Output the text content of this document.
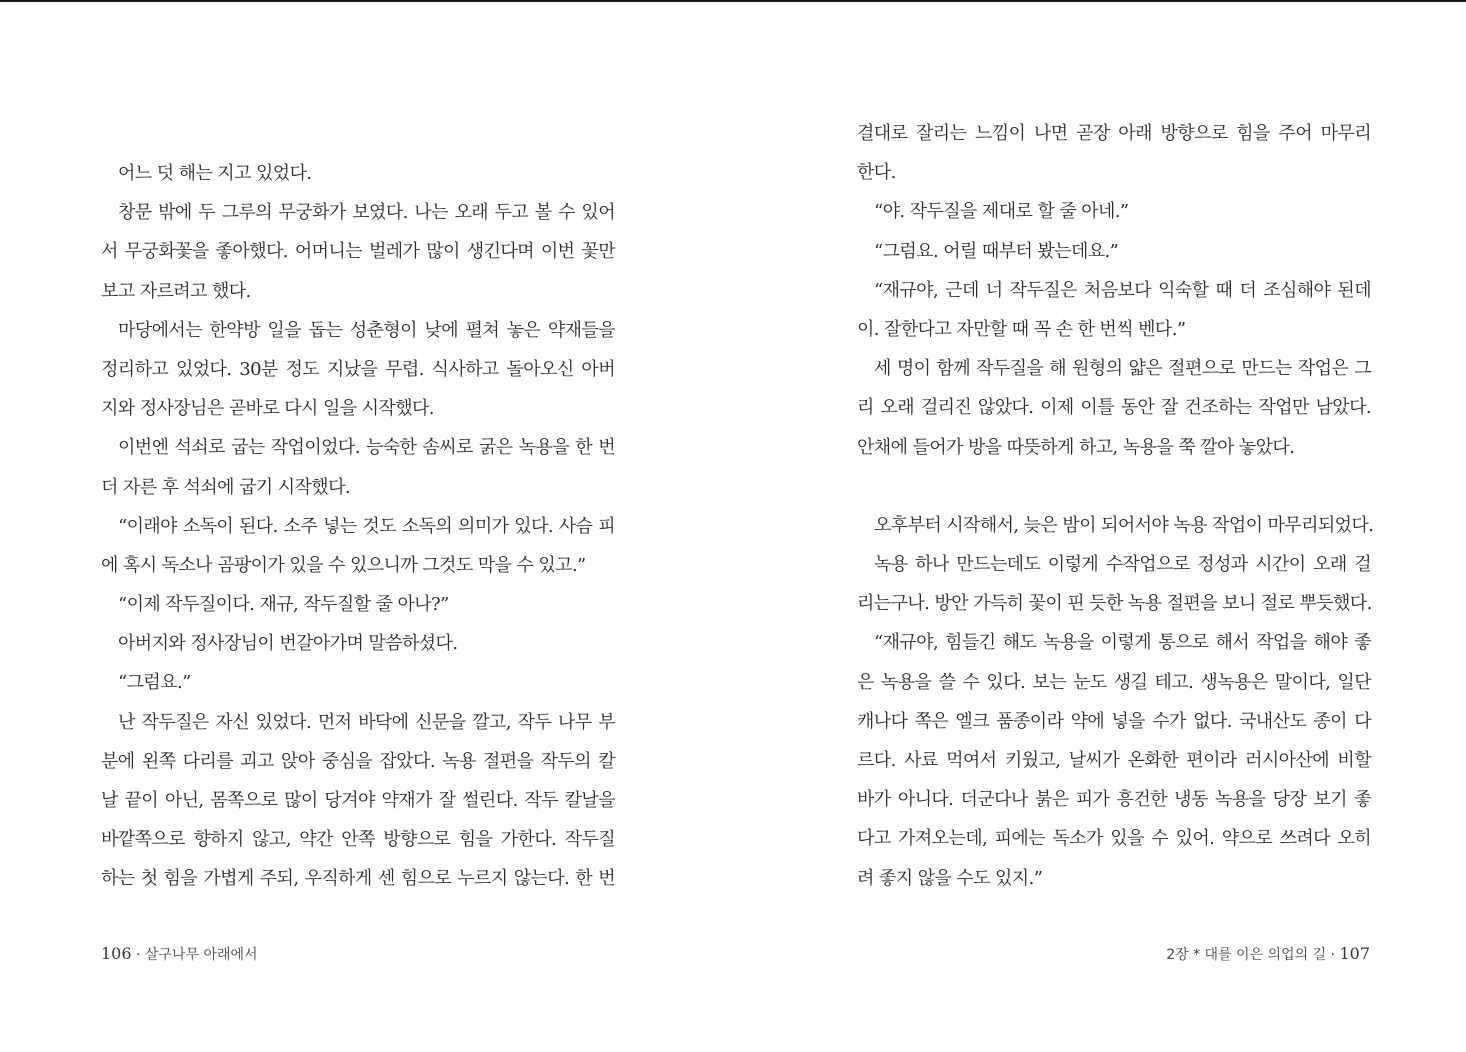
어느 덧 해는 지고 있었다.
창문 밖에 두 그루의 무궁화가 보였다. 나는 오래 두고 볼 수 있어
서 무궁화꽃을 좋아했다. 어머니는 벌레가 많이 생긴다며 이번 꽃만
보고 자르려고 했다.
마당에서는 한약방 일을 돕는 성춘형이 낮에 펼쳐 놓은 약재들을
정리하고 있었다. 30분 정도 지났을 무렵. 식사하고 돌아오신 아버
지와 정사장님은 곧바로 다시 일을 시작했다.
이번엔 석쇠로 굽는 작업이었다. 능숙한 솜씨로 굵은 녹용을 한 번
더 자른 후 석쇠에 굽기 시작했다.
“이래야 소독이 된다. 소주 넣는 것도 소독의 의미가 있다. 사슴 피
에 혹시 독소나 곰팡이가 있을 수 있으니까 그것도 막을 수 있고.”
“이제 작두질이다. 재규, 작두질할 줄 아나?”
아버지와 정사장님이 번갈아가며 말씀하셨다.
“그럼요.”
난 작두질은 자신 있었다. 먼저 바닥에 신문을 깔고, 작두 나무 부
분에 왼쪽 다리를 괴고 앉아 중심을 잡았다. 녹용 절편을 작두의 칼
날 끝이 아닌, 몸쪽으로 많이 당겨야 약재가 잘 썰린다. 작두 칼날을
바깥쪽으로 향하지 않고, 약간 안쪽 방향으로 힘을 가한다. 작두질
하는 첫 힘을 가볍게 주되, 우직하게 센 힘으로 누르지 않는다. 한 번
결대로 잘리는 느낌이 나면 곧장 아래 방향으로 힘을 주어 마무리
한다.
“야. 작두질을 제대로 할 줄 아네.”
“그럼요. 어릴 때부터 봤는데요.”
“재규야, 근데 너 작두질은 처음보다 익숙할 때 더 조심해야 된데
이. 잘한다고 자만할 때 꼭 손 한 번씩 벤다.”
세 명이 함께 작두질을 해 원형의 얇은 절편으로 만드는 작업은 그
리 오래 걸리진 않았다. 이제 이틀 동안 잘 건조하는 작업만 남았다.
안채에 들어가 방을 따뜻하게 하고, 녹용을 쭉 깔아 놓았다.
오후부터 시작해서, 늦은 밤이 되어서야 녹용 작업이 마무리되었다.
녹용 하나 만드는데도 이렇게 수작업으로 정성과 시간이 오래 걸
리는구나. 방안 가득히 꽃이 핀 듯한 녹용 절편을 보니 절로 뿌듯했다.
“재규야, 힘들긴 해도 녹용을 이렇게 통으로 해서 작업을 해야 좋
은 녹용을 쓸 수 있다. 보는 눈도 생길 테고. 생녹용은 말이다, 일단
캐나다 쪽은 엘크 품종이라 약에 넣을 수가 없다. 국내산도 종이 다
르다. 사료 먹여서 키웠고, 날씨가 온화한 편이라 러시아산에 비할
바가 아니다. 더군다나 붉은 피가 흥건한 냉동 녹용을 당장 보기 좋
다고 가져오는데, 피에는 독소가 있을 수 있어. 약으로 쓰려다 오히
려 좋지 않을 수도 있지.”
106 · 살구나무 아래에서	2장 * 대를 이은 의업의 길 · 107
